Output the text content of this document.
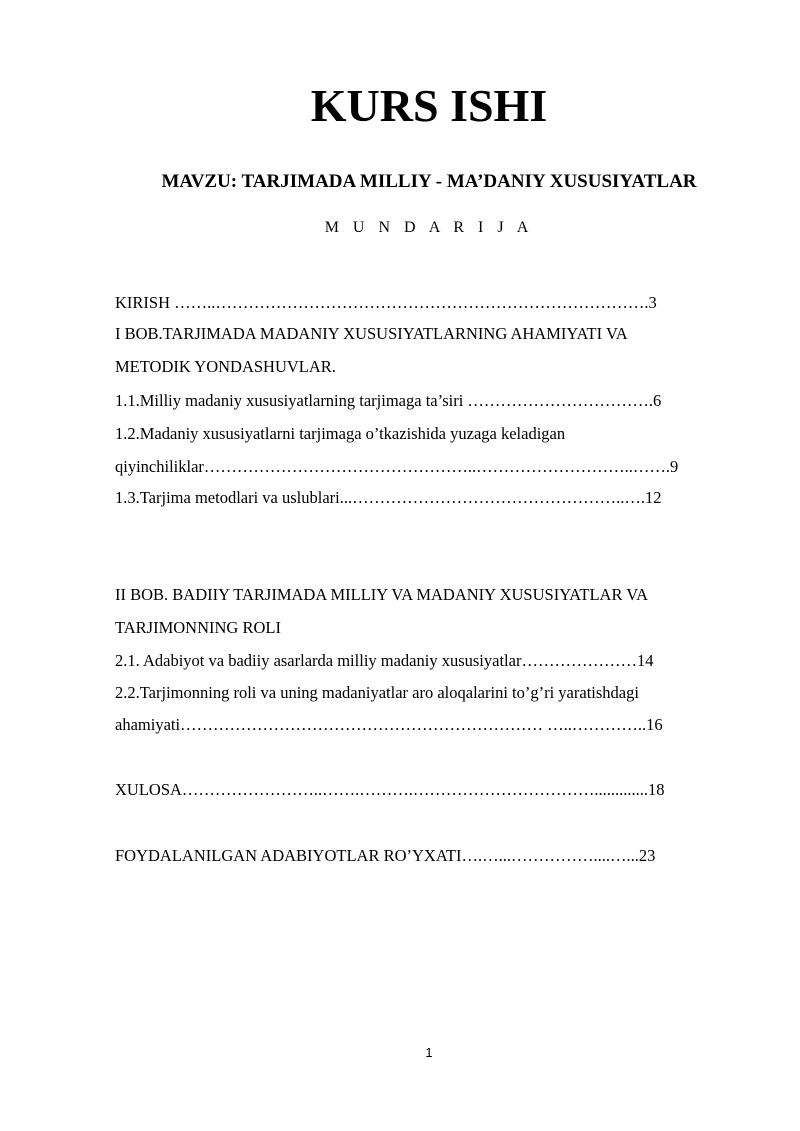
KURS ISHI
MAVZU: TARJIMADA MILLIY - MA’DANIY XUSUSIYATLAR
M U N D A R I J A
KIRISH ……..…………………………………………………………………….3
I BOB.TARJIMADA MADANIY XUSUSIYATLARNING AHAMIYATI VA
METODIK YONDASHUVLAR.
1.1.Milliy madaniy xususiyatlarning tarjimaga ta’siri …………………………….6
1.2.Madaniy xususiyatlarni tarjimaga o’tkazishida yuzaga keladigan
qiyinchiliklar…………………………………………..………………………..…….9
1.3.Tarjima metodlari va uslublari...…………………………………………..….12
II BOB. BADIIY TARJIMADA MILLIY VA MADANIY XUSUSIYATLAR VA
TARJIMONNING ROLI
2.1. Adabiyot va badiiy asarlarda milliy madaniy xususiyatlar…………………14
2.2.Tarjimonning roli va uning madaniyatlar aro aloqalarini to’g’ri yaratishdagi
ahamiyati………………………………………………………… …..…………..16
XULOSA……………………..…….……….…………………………….............18
FOYDALANILGAN ADABIYOTLAR RO’YXATI….…...……………....…...23
1
